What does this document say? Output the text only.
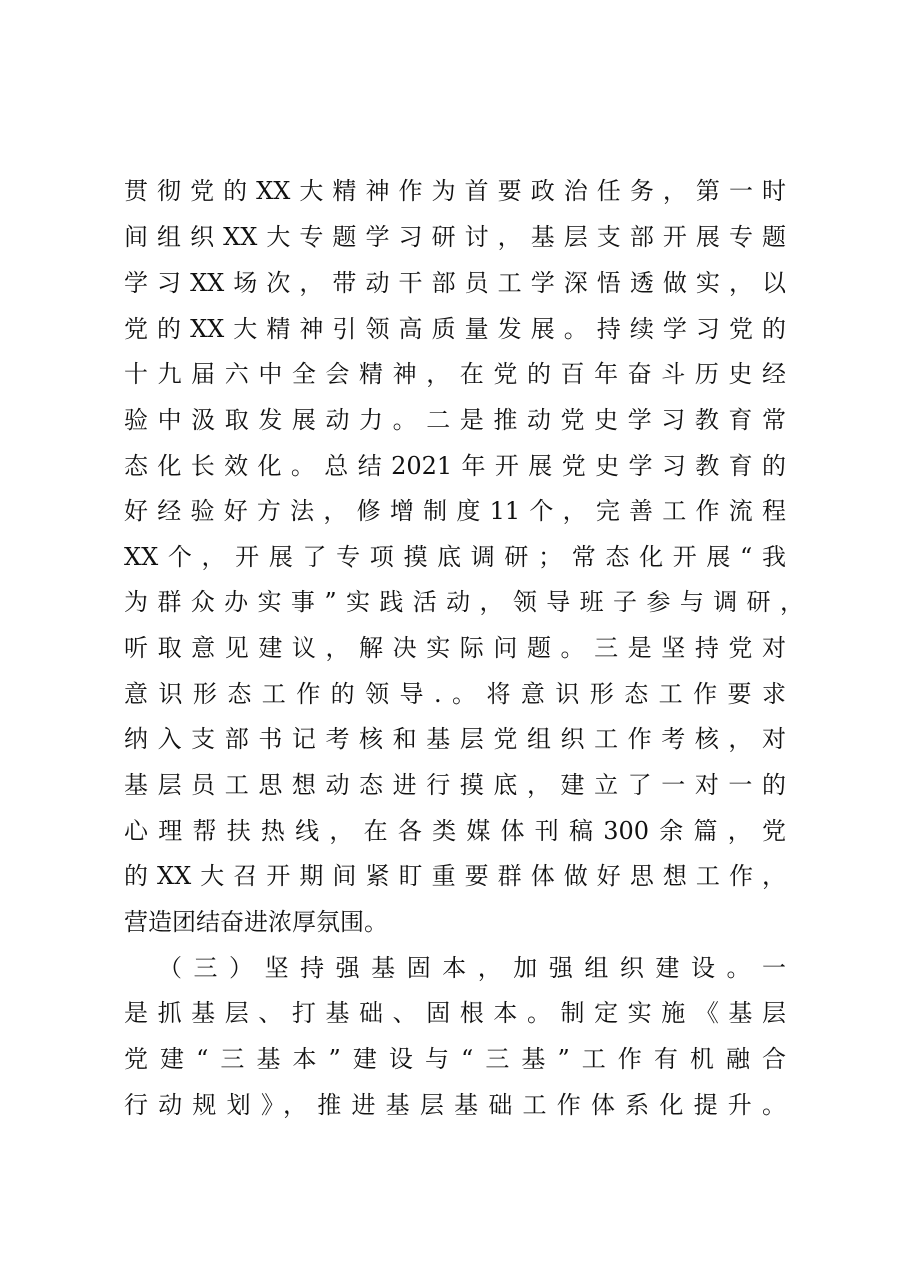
贯彻党的XX大精神作为首要政治任务，第一时
间组织XX大专题学习研讨，基层支部开展专题
学习XX场次，带动干部员工学深悟透做实，以
党的XX大精神引领高质量发展。持续学习党的
十九届六中全会精神，在党的百年奋斗历史经
验中汲取发展动力。二是推动党史学习教育常
态化长效化。总结2021年开展党史学习教育的
好经验好方法，修增制度11个，完善工作流程
XX个，开展了专项摸底调研；常态化开展“我
为群众办实事”实践活动，领导班子参与调研，
听取意见建议，解决实际问题。三是坚持党对
意识形态工作的领导.。将意识形态工作要求
纳入支部书记考核和基层党组织工作考核，对
基层员工思想动态进行摸底，建立了一对一的
心理帮扶热线，在各类媒体刊稿300余篇，党
的XX大召开期间紧盯重要群体做好思想工作，
营造团结奋进浓厚氛围。
（三）坚持强基固本，加强组织建设。一
是抓基层、打基础、固根本。制定实施《基层
党建“三基本”建设与“三基”工作有机融合
行动规划》，推进基层基础工作体系化提升。
